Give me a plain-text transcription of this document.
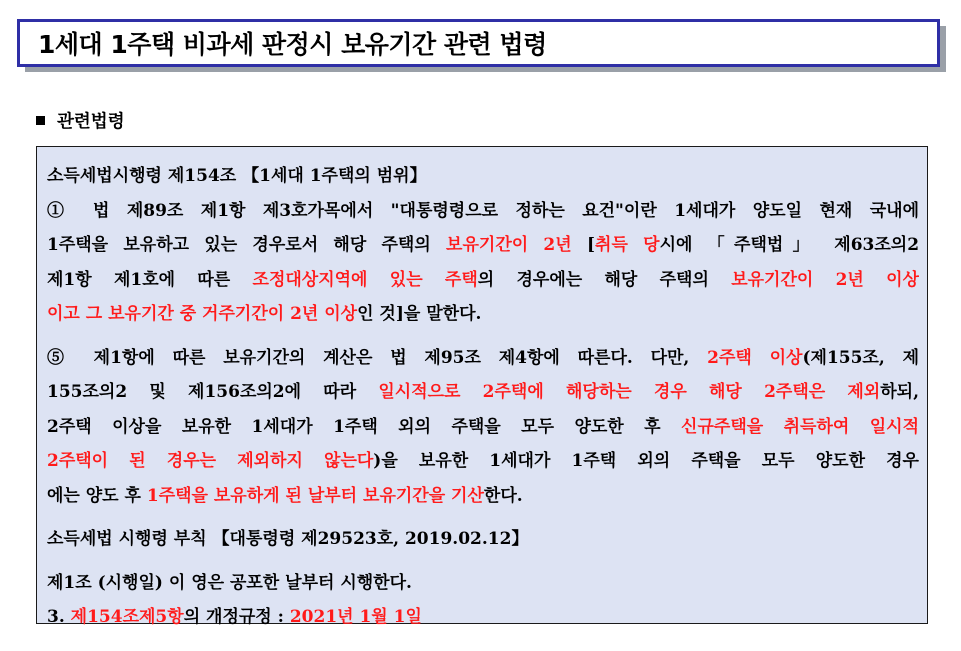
1세대 1주택 비과세 판정시 보유기간 관련 법령
관련법령
소득세법시행령 제154조 【1세대 1주택의 범위】
① 법 제89조 제1항 제3호가목에서 "대통령령으로 정하는 요건"이란 1세대가 양도일 현재 국내에
1주택을 보유하고 있는 경우로서 해당 주택의 보유기간이 2년 [취득 당시에 「주택법」 제63조의2
제1항 제1호에 따른 조정대상지역에 있는 주택의 경우에는 해당 주택의 보유기간이 2년 이상
이고 그 보유기간 중 거주기간이 2년 이상인 것]을 말한다.
⑤ 제1항에 따른 보유기간의 계산은 법 제95조 제4항에 따른다. 다만, 2주택 이상(제155조, 제
155조의2 및 제156조의2에 따라 일시적으로 2주택에 해당하는 경우 해당 2주택은 제외하되,
2주택 이상을 보유한 1세대가 1주택 외의 주택을 모두 양도한 후 신규주택을 취득하여 일시적
2주택이 된 경우는 제외하지 않는다)을 보유한 1세대가 1주택 외의 주택을 모두 양도한 경우
에는 양도 후 1주택을 보유하게 된 날부터 보유기간을 기산한다.
소득세법 시행령 부칙 【대통령령 제29523호, 2019.02.12】
제1조 (시행일) 이 영은 공포한 날부터 시행한다.
3. 제154조제5항의 개정규정 : 2021년 1월 1일
